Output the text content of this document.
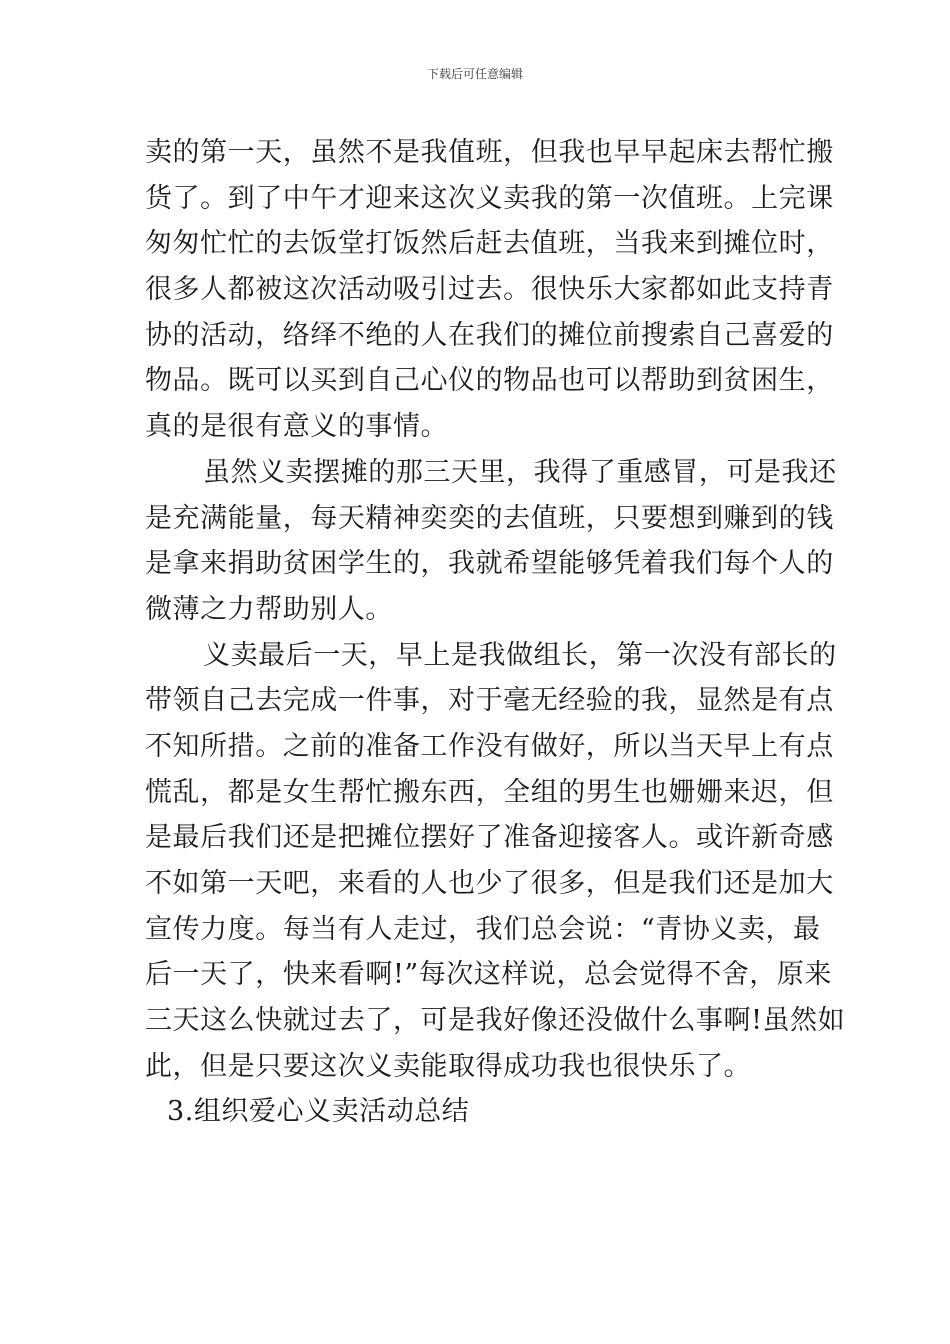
下载后可任意编辑
卖的第一天，虽然不是我值班，但我也早早起床去帮忙搬
货了。到了中午才迎来这次义卖我的第一次值班。上完课
匆匆忙忙的去饭堂打饭然后赶去值班，当我来到摊位时，
很多人都被这次活动吸引过去。很快乐大家都如此支持青
协的活动，络绎不绝的人在我们的摊位前搜索自己喜爱的
物品。既可以买到自己心仪的物品也可以帮助到贫困生，
真的是很有意义的事情。
虽然义卖摆摊的那三天里，我得了重感冒，可是我还
是充满能量，每天精神奕奕的去值班，只要想到赚到的钱
是拿来捐助贫困学生的，我就希望能够凭着我们每个人的
微薄之力帮助别人。
义卖最后一天，早上是我做组长，第一次没有部长的
带领自己去完成一件事，对于毫无经验的我，显然是有点
不知所措。之前的准备工作没有做好，所以当天早上有点
慌乱，都是女生帮忙搬东西，全组的男生也姗姗来迟，但
是最后我们还是把摊位摆好了准备迎接客人。或许新奇感
不如第一天吧，来看的人也少了很多，但是我们还是加大
宣传力度。每当有人走过，我们总会说：“青协义卖，最
后一天了，快来看啊!”每次这样说，总会觉得不舍，原来
三天这么快就过去了，可是我好像还没做什么事啊!虽然如
此，但是只要这次义卖能取得成功我也很快乐了。
3.组织爱心义卖活动总结
